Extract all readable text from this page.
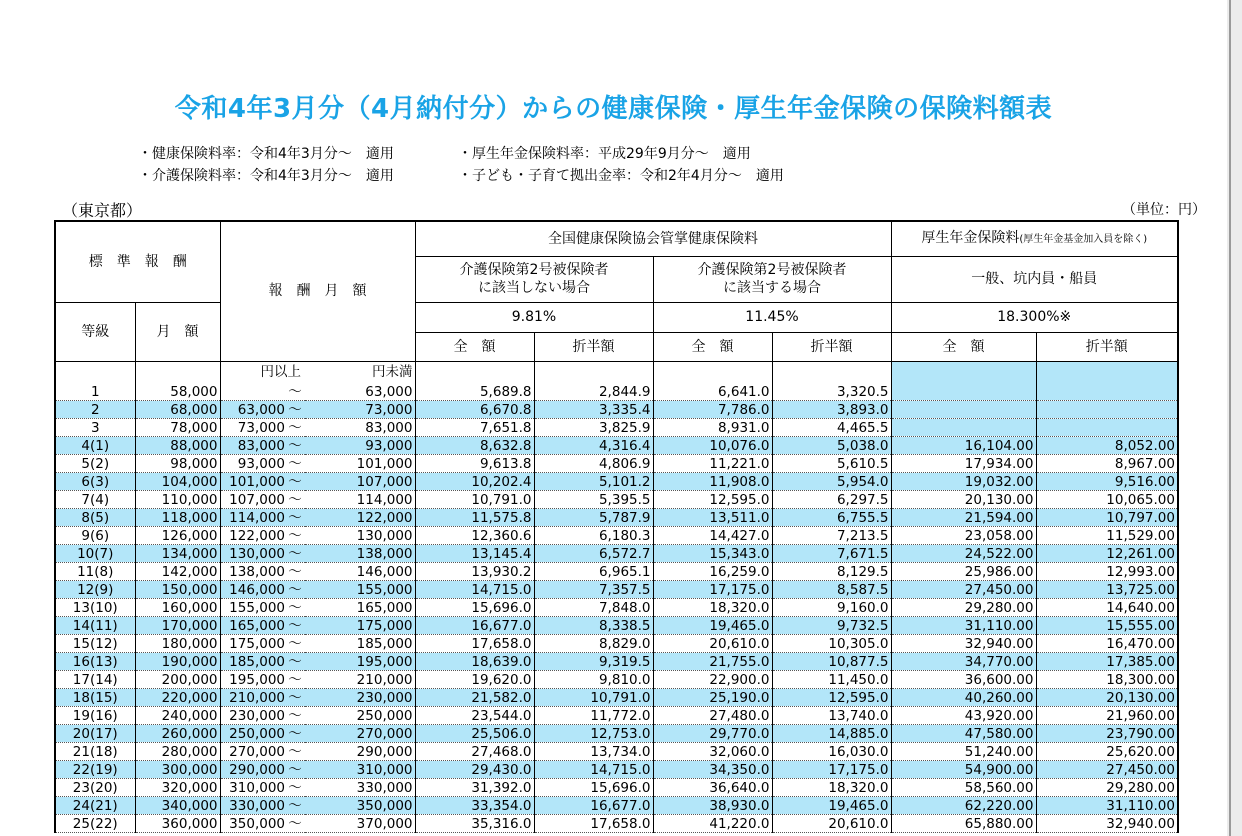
令和4年3月分（4月納付分）からの健康保険・厚生年金保険の保険料額表
・健康保険料率：令和4年3月分～　適用	・厚生年金保険料率：平成29年9月分～　適用
・介護保険料率：令和4年3月分～　適用	・子ども・子育て拠出金率：令和2年4月分～　適用
（東京都）	（単位：円）
標　準　報　酬		報　酬　月　額		全国健康保険協会管掌健康保険料				厚生年金保険料(厚生年金基金加入員を除く)	
				介護保険第2号被保険者
に該当しない場合		介護保険第2号被保険者
に該当する場合		一般、坑内員・船員	
等級	月　額			9.81%		11.45%		18.300%※	
				全　額	折半額	全　額	折半額	全　額	折半額
		円以上	円未満						
1	58,000	～	63,000	5,689.8	2,844.9	6,641.0	3,320.5		
2	68,000	63,000 ～	73,000	6,670.8	3,335.4	7,786.0	3,893.0		
3	78,000	73,000 ～	83,000	7,651.8	3,825.9	8,931.0	4,465.5		
4(1)	88,000	83,000 ～	93,000	8,632.8	4,316.4	10,076.0	5,038.0	16,104.00	8,052.00
5(2)	98,000	93,000 ～	101,000	9,613.8	4,806.9	11,221.0	5,610.5	17,934.00	8,967.00
6(3)	104,000	101,000 ～	107,000	10,202.4	5,101.2	11,908.0	5,954.0	19,032.00	9,516.00
7(4)	110,000	107,000 ～	114,000	10,791.0	5,395.5	12,595.0	6,297.5	20,130.00	10,065.00
8(5)	118,000	114,000 ～	122,000	11,575.8	5,787.9	13,511.0	6,755.5	21,594.00	10,797.00
9(6)	126,000	122,000 ～	130,000	12,360.6	6,180.3	14,427.0	7,213.5	23,058.00	11,529.00
10(7)	134,000	130,000 ～	138,000	13,145.4	6,572.7	15,343.0	7,671.5	24,522.00	12,261.00
11(8)	142,000	138,000 ～	146,000	13,930.2	6,965.1	16,259.0	8,129.5	25,986.00	12,993.00
12(9)	150,000	146,000 ～	155,000	14,715.0	7,357.5	17,175.0	8,587.5	27,450.00	13,725.00
13(10)	160,000	155,000 ～	165,000	15,696.0	7,848.0	18,320.0	9,160.0	29,280.00	14,640.00
14(11)	170,000	165,000 ～	175,000	16,677.0	8,338.5	19,465.0	9,732.5	31,110.00	15,555.00
15(12)	180,000	175,000 ～	185,000	17,658.0	8,829.0	20,610.0	10,305.0	32,940.00	16,470.00
16(13)	190,000	185,000 ～	195,000	18,639.0	9,319.5	21,755.0	10,877.5	34,770.00	17,385.00
17(14)	200,000	195,000 ～	210,000	19,620.0	9,810.0	22,900.0	11,450.0	36,600.00	18,300.00
18(15)	220,000	210,000 ～	230,000	21,582.0	10,791.0	25,190.0	12,595.0	40,260.00	20,130.00
19(16)	240,000	230,000 ～	250,000	23,544.0	11,772.0	27,480.0	13,740.0	43,920.00	21,960.00
20(17)	260,000	250,000 ～	270,000	25,506.0	12,753.0	29,770.0	14,885.0	47,580.00	23,790.00
21(18)	280,000	270,000 ～	290,000	27,468.0	13,734.0	32,060.0	16,030.0	51,240.00	25,620.00
22(19)	300,000	290,000 ～	310,000	29,430.0	14,715.0	34,350.0	17,175.0	54,900.00	27,450.00
23(20)	320,000	310,000 ～	330,000	31,392.0	15,696.0	36,640.0	18,320.0	58,560.00	29,280.00
24(21)	340,000	330,000 ～	350,000	33,354.0	16,677.0	38,930.0	19,465.0	62,220.00	31,110.00
25(22)	360,000	350,000 ～	370,000	35,316.0	17,658.0	41,220.0	20,610.0	65,880.00	32,940.00
